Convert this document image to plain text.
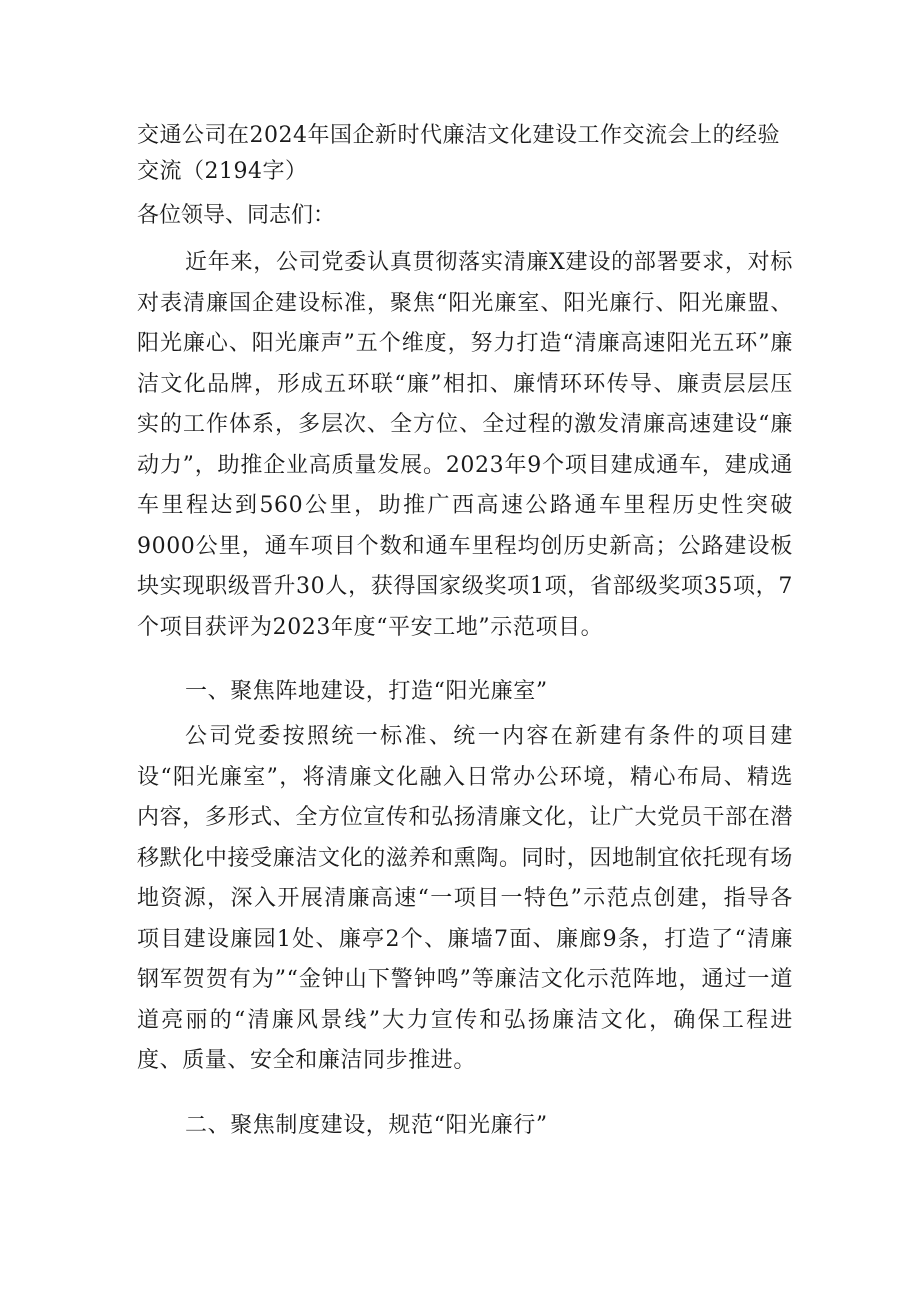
交通公司在2024年国企新时代廉洁文化建设工作交流会上的经验交流（2194字）

各位领导、同志们：

近年来，公司党委认真贯彻落实清廉X建设的部署要求，对标对表清廉国企建设标准，聚焦“阳光廉室、阳光廉行、阳光廉盟、阳光廉心、阳光廉声”五个维度，努力打造“清廉高速阳光五环”廉洁文化品牌，形成五环联“廉”相扣、廉情环环传导、廉责层层压实的工作体系，多层次、全方位、全过程的激发清廉高速建设“廉动力”，助推企业高质量发展。2023年9个项目建成通车，建成通车里程达到560公里，助推广西高速公路通车里程历史性突破9000公里，通车项目个数和通车里程均创历史新高；公路建设板块实现职级晋升30人，获得国家级奖项1项，省部级奖项35项，7个项目获评为2023年度“平安工地”示范项目。

一、聚焦阵地建设，打造“阳光廉室”

公司党委按照统一标准、统一内容在新建有条件的项目建设“阳光廉室”，将清廉文化融入日常办公环境，精心布局、精选内容，多形式、全方位宣传和弘扬清廉文化，让广大党员干部在潜移默化中接受廉洁文化的滋养和熏陶。同时，因地制宜依托现有场地资源，深入开展清廉高速“一项目一特色”示范点创建，指导各项目建设廉园1处、廉亭2个、廉墙7面、廉廊9条，打造了“清廉钢军贺贺有为”“金钟山下警钟鸣”等廉洁文化示范阵地，通过一道道亮丽的“清廉风景线”大力宣传和弘扬廉洁文化，确保工程进度、质量、安全和廉洁同步推进。

二、聚焦制度建设，规范“阳光廉行”
